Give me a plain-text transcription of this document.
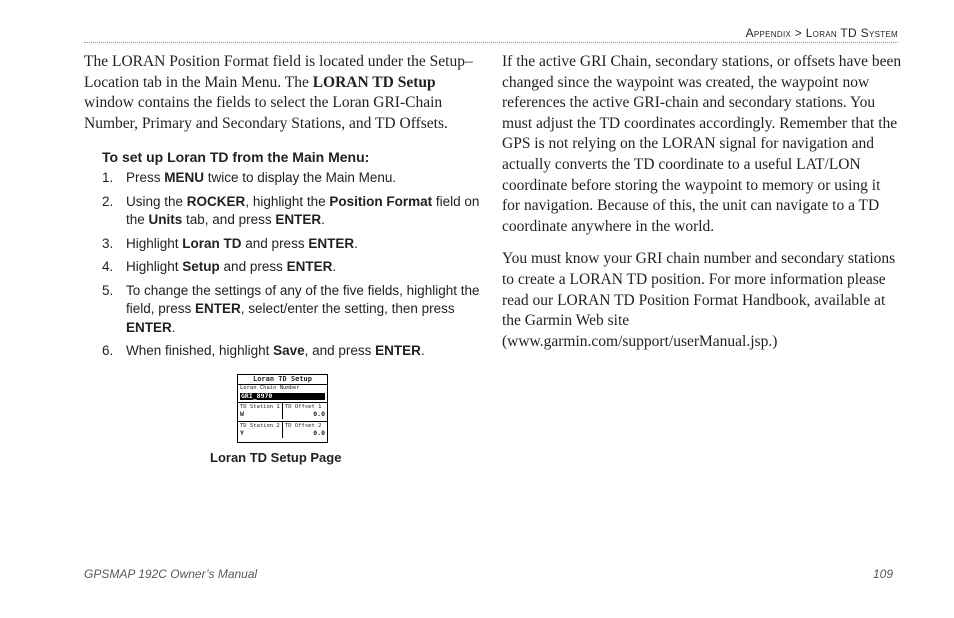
Appendix > Loran TD System

The LORAN Position Format field is located under the Setup–Location tab in the Main Menu. The LORAN TD Setup window contains the fields to select the Loran GRI-Chain Number, Primary and Secondary Stations, and TD Offsets.

To set up Loran TD from the Main Menu:
1. Press MENU twice to display the Main Menu.
2. Using the ROCKER, highlight the Position Format field on the Units tab, and press ENTER.
3. Highlight Loran TD and press ENTER.
4. Highlight Setup and press ENTER.
5. To change the settings of any of the five fields, highlight the field, press ENTER, select/enter the setting, then press ENTER.
6. When finished, highlight Save, and press ENTER.
Loran TD Setup
Loran Chain Number
GRI_8970
TD Station 1
W
TD Offset 1
0.0
TD Station 2
Y
TD Offset 2
0.0
Loran TD Setup Page

If the active GRI Chain, secondary stations, or offsets have been changed since the waypoint was created, the waypoint now references the active GRI-chain and secondary stations. You must adjust the TD coordinates accordingly. Remember that the GPS is not relying on the LORAN signal for navigation and actually converts the TD coordinate to a useful LAT/LON coordinate before storing the waypoint to memory or using it for navigation. Because of this, the unit can navigate to a TD coordinate anywhere in the world.

You must know your GRI chain number and secondary stations to create a LORAN TD position. For more information please read our LORAN TD Position Format Handbook, available at the Garmin Web site (www.garmin.com/support/userManual.jsp.)

GPSMAP 192C Owner’s Manual	109
